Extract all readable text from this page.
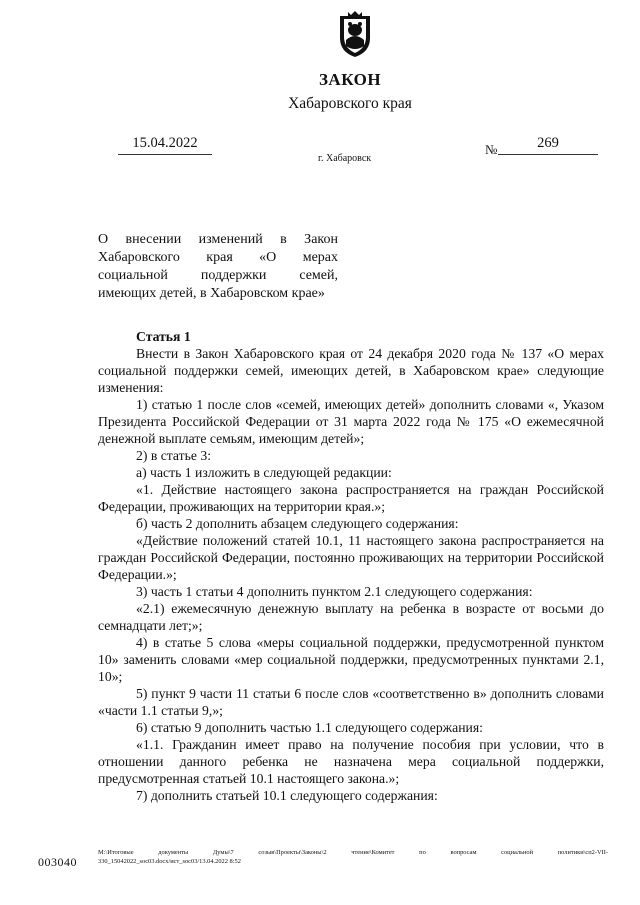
ЗАКОН
Хабаровского края
15.04.2022	№	269
г. Хабаровск
О внесении изменений в Закон Хабаровского края «О мерах социальной поддержки семей, имеющих детей, в Хабаровском крае»

Статья 1

Внести в Закон Хабаровского края от 24 декабря 2020 года № 137 «О мерах социальной поддержки семей, имеющих детей, в Хабаровском крае» следующие изменения:

1) статью 1 после слов «семей, имеющих детей» дополнить словами «, Указом Президента Российской Федерации от 31 марта 2022 года № 175 «О ежемесячной денежной выплате семьям, имеющим детей»;

2) в статье 3:

а) часть 1 изложить в следующей редакции:

«1. Действие настоящего закона распространяется на граждан Российской Федерации, проживающих на территории края.»;

б) часть 2 дополнить абзацем следующего содержания:

«Действие положений статей 10.1, 11 настоящего закона распространяется на граждан Российской Федерации, постоянно проживающих на территории Российской Федерации.»;

3) часть 1 статьи 4 дополнить пунктом 2.1 следующего содержания:

«2.1) ежемесячную денежную выплату на ребенка в возрасте от восьми до семнадцати лет;»;

4) в статье 5 слова «меры социальной поддержки, предусмотренной пунктом 10» заменить словами «мер социальной поддержки, предусмотренных пунктами 2.1, 10»;

5) пункт 9 части 11 статьи 6 после слов «соответственно в» дополнить словами «части 1.1 статьи 9,»;

6) статью 9 дополнить частью 1.1 следующего содержания:

«1.1. Гражданин имеет право на получение пособия при условии, что в отношении данного ребенка не назначена мера социальной поддержки, предусмотренная статьей 10.1 настоящего закона.»;

7) дополнить статьей 10.1 следующего содержания:

003040
M:\Итоговые документы Думы\7 созыв\Проекты\Законы\2 чтение\Комитет по вопросам социальной политики\сп2-VII-
330_15042022_soc03.docx/ист_soc03/13.04.2022 8:52
